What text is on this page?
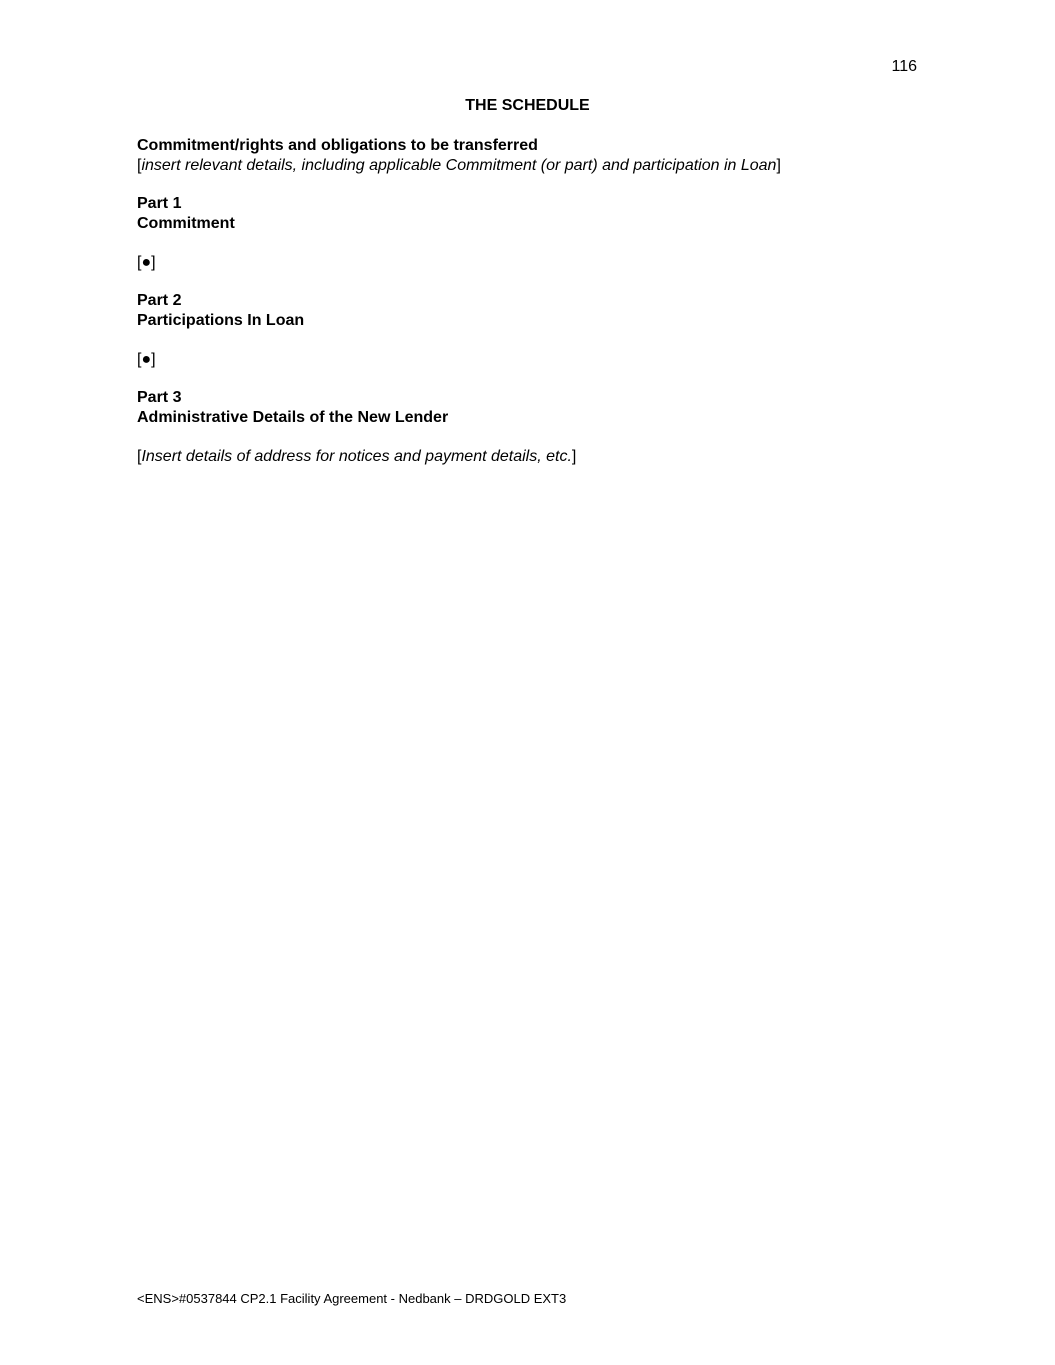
116
THE SCHEDULE
Commitment/rights and obligations to be transferred
[insert relevant details, including applicable Commitment (or part) and participation in Loan]
Part 1
Commitment
[●]
Part 2
Participations In Loan
[●]
Part 3
Administrative Details of the New Lender
[Insert details of address for notices and payment details, etc.]
<ENS>#0537844 CP2.1 Facility Agreement - Nedbank – DRDGOLD EXT3
